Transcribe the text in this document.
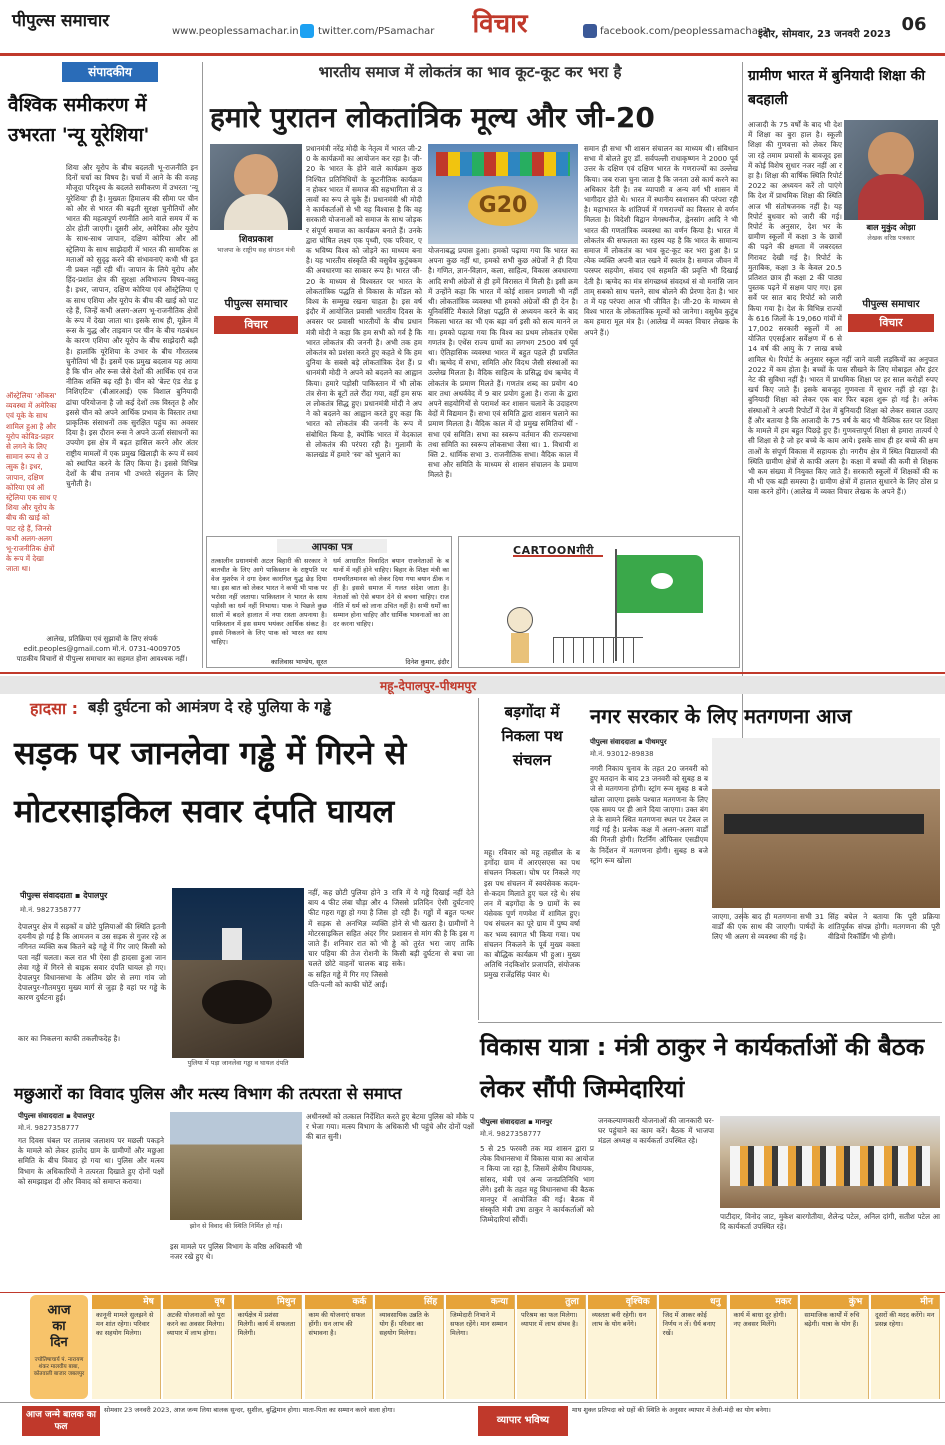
पीपुल्स समाचार
www.peoplessamachar.in twitter.com/PSamachar	विचार	facebook.com/peoplessamachar1
इंदौर, सोमवार, 23 जनवरी 2023 06
संपादकीय
वैश्विक समीकरण में उभरता 'न्यू यूरेशिया'
ऑस्ट्रेलिया 'ऑकस' व्यवस्था में अमेरिका एवं यूके के साथ शामिल हुआ है और यूरोप कोविड-प्रहार से लगने के लिए सामान रूप से उत्सुक है। इधर, जापान, दक्षिण कोरिया एवं ऑस्ट्रेलिया एक साथ एशिया और यूरोप के बीच की खाई को पाट रहे हैं, जिनसे कभी अलग-अलग भू-राजनीतिक क्षेत्रों के रूप में देखा जाता था।
शिया और यूरोप के बीच बदलती भू-राजनीति इन दिनों चर्चा का विषय है। चर्चा में आने के की वजह मौजूदा परिदृश्य के बदलते समीकरण में उभरता 'न्यू यूरेशिया' ही है। मुख्यतः हिमालय की सीमा पर चीन को और से भारत की बढ़ती सुरक्षा चुनौतियों और भारत की महत्वपूर्ण रणनीति आने वाले समय में कठोर होती जाएगी। दूसरी ओर, अमेरिका और यूरोप के साथ-साथ जापान, दक्षिण कोरिया और ऑस्ट्रेलिया के साथ साझेदारी में भारत की सामरिक क्षमताओं को सुदृढ़ करने की संभावनाएं कभी भी इतनी प्रबल नहीं रही थीं। जापान के लिये यूरोप और हिंद-प्रशांत क्षेत्र की सुरक्षा अविभाज्य विषय-वस्तु है। इधर, जापान, दक्षिण कोरिया एवं ऑस्ट्रेलिया एक साथ एशिया और यूरोप के बीच की खाई को पाट रहे हैं, जिन्हें कभी अलग-अलग भू-राजनीतिक क्षेत्रों के रूप में देखा जाता था। इसके साथ ही, यूक्रेन में रूस के युद्ध और ताइवान पर चीन के बीच गठबंधन के कारण एशिया और यूरोप के बीच साझेदारी बढ़ी है। हालांकि यूरेशिया के उभार के बीच गौरतलब चुनौतियां भी हैं। इसमें एक प्रमुख बदलाव यह आया है कि चीन और रूस जैसे देशों की आर्थिक एवं राजनीतिक शक्ति बढ़ रही है। चीन को 'बेल्ट एंड रोड इनिशिएटिव' (बीआरआई) एक विशाल बुनियादी ढांचा परियोजना है जो कई देशों तक विस्तृत है और इससे चीन को अपने आर्थिक प्रभाव के विस्तार तथा प्राकृतिक संसाधनों तक सुरक्षित पहुंच का अवसर दिया है। इस दौरान रूस ने अपने ऊर्जा संसाधनों का उपयोग इस क्षेत्र में बढ़त हासिल करने और अंतरराष्ट्रीय मामलों में एक प्रमुख खिलाड़ी के रूप में स्वयं को स्थापित करने के लिए किया है। इससे विभिन्न देशों के बीच तनाव भी उभरते संतुलन के लिए चुनौती है।
आलेख, प्रतिक्रिया एवं सुझावों के लिए संपर्क
edit.peoples@gmail.com मो.नं. 0731-4009705
पाठकीय विचारों से पीपुल्स समाचार का सहमत होना आवश्यक नहीं।
भारतीय समाज में लोकतंत्र का भाव कूट-कूट कर भरा है
हमारे पुरातन लोकतांत्रिक मूल्य और जी-20
शिवप्रकाश
भाजपा के राष्ट्रीय सह संगठन मंत्री
पीपुल्स समाचार
विचार
प्रधानमंत्री नरेंद्र मोदी के नेतृत्व में भारत जी-20 के कार्यक्रमों का आयोजन कर रहा है। जी-20 के भारत के होने वाले कार्यक्रम कुछ निश्चित प्रतिनिधियों के कूटनीतिक कार्यक्रम न होकर भारत में समाज की सहभागिता से उत्सवों का रूप ले चुके हैं। प्रधानमंत्री श्री मोदी ने कार्यकर्ताओं से भी यह विश्वास है कि वह सरकारी योजनाओं को समाज के साथ जोड़कर संपूर्ण समाज का कार्यक्रम बनाते हैं। उनके द्वारा घोषित लक्ष्य एक पृथ्वी, एक परिवार, एक भविष्य विश्व को जोड़ने का माध्यम बना है। यह भारतीय संस्कृति की वसुधैव कुटुंबकम की अवधारणा का साकार रूप है। भारत जी-20 के माध्यम से विश्वस्तर पर भारत के लोकतांत्रिक पद्धति से विकास के मॉडल को विश्व के सम्मुख रखना चाहता है। इस वर्ष इंदौर में आयोजित प्रवासी भारतीय दिवस के अवसर पर प्रवासी भारतीयों के बीच प्रधानमंत्री मोदी ने कहा कि हम सभी को गर्व है कि भारत लोकतंत्र की जननी है। अभी तक हम लोकतंत्र को प्रशंसा करते हुए कहते थे कि हम दुनिया के सबसे बड़े लोकतांत्रिक देश हैं। प्रधानमंत्री मोदी ने अपने को बदलने का आह्वान किया। हमारे पड़ोसी पाकिस्तान में भी लोकतंत्र सेना के बूटों तले रौंदा गया, वहीं हम सफल लोकतंत्र सिद्ध हुए। प्रधानमंत्री मोदी ने अपने को बदलने का आह्वान करते हुए कहा कि भारत को लोकतंत्र की जननी के रूप में संबोधित किया है, क्योंकि भारत में वेदकाल से लोकतंत्र की परंपरा रही है। गुलामी के कालखंड में हमारे 'स्व' को भुलाने का
G20
योजनाबद्ध प्रयास हुआ। हमको पढ़ाया गया कि भारत का अपना कुछ नहीं था, हमको सभी कुछ अंग्रेजों ने ही दिया है। गणित, ज्ञान-विज्ञान, कला, साहित्य, विकास अवधारणा आदि सभी अंग्रेजों से ही हमें विरासत में मिली है। इसी क्रम में उन्होंने कहा कि भारत में कोई शासन प्रणाली भी नहीं थी। लोकतांत्रिक व्यवस्था भी हमको अंग्रेजों की ही देन है। यूनिवर्सिटि मैकाले शिक्षा पद्धति से अध्ययन करने के बाद निकला भारत का भी एक बड़ा वर्ग इसी को सत्य मानने लगा। हमको पढ़ाया गया कि विश्व का प्रथम लोकतंत्र एथेंस गणतंत्र है। एथेंस राज्य ग्रामों का लगभग 2500 वर्ष पूर्व था। ऐतिहासिक व्यवस्था भारत में बहुत पहले ही प्रचलित थी। ऋग्वेद में सभा, समिति और विदथ जैसी संस्थाओं का उल्लेख मिलता है। वैदिक साहित्य के प्रसिद्ध ग्रंथ ऋग्वेद में लोकतंत्र के प्रमाण मिलते हैं। गणतंत्र शब्द का प्रयोग 40 बार तथा अथर्ववेद में 9 बार प्रयोग हुआ है। राजा के द्वारा अपने सहयोगियों से परामर्श कर शासन चलाने के उदाहरण वेदों में विद्यमान हैं। सभा एवं समिति द्वारा शासन चलाने का प्रमाण मिलता है। वैदिक काल में दो प्रमुख समितियां थीं - सभा एवं समिति। सभा का स्वरूप वर्तमान की राज्यसभा तथा समिति का स्वरूप लोकसभा जैसा था। 1. विधायी शक्ति 2. धार्मिक सभा 3. राजनीतिक सभा। वैदिक काल में सभा और समिति के माध्यम से शासन संचालन के प्रमाण मिलते हैं।
समान ही सभा भी शासन संचालन का माध्यम थी। संविधान सभा में बोलते हुए डॉ. सर्वपल्ली राधाकृष्णन ने 2000 पूर्व उत्तर के दक्षिण एवं दक्षिण भारत के गणराज्यों का उल्लेख किया। जब राजा चुना जाता है कि जनता उसे कार्य करने का अधिकार देती है। तब व्यापारी व अन्य वर्ग भी शासन में भागीदार होते थे। भारत में स्थानीय स्वशासन की परंपरा रही है। महाभारत के शांतिपर्व में गणराज्यों का विस्तार से वर्णन मिलता है। विदेशी विद्वान मेगस्थनीज, ह्वेनसांग आदि ने भी भारत की गणतांत्रिक व्यवस्था का वर्णन किया है। भारत में लोकतंत्र की सफलता का रहस्य यह है कि भारत के सामान्य समाज में लोकतंत्र का भाव कूट-कूट कर भरा हुआ है। प्रत्येक व्यक्ति अपनी बात रखने में स्वतंत्र है। समाज जीवन में परस्पर सहयोग, संवाद एवं सहमति की प्रवृत्ति भी दिखाई देती है। ऋग्वेद का मंत्र संगच्छध्वं संवदध्वं सं वो मनांसि जानताम् सबको साथ चलने, साथ बोलने की प्रेरणा देता है। भारत में यह परंपरा आज भी जीवित है। जी-20 के माध्यम से विश्व भारत के लोकतांत्रिक मूल्यों को जानेगा। वसुधैव कुटुंबकम हमारा मूल मंत्र है। (आलेख में व्यक्त विचार लेखक के अपने हैं।)
ग्रामीण भारत में बुनियादी शिक्षा की बदहाली
बाल मुकुंद ओझा
लेखक वरिष्ठ पत्रकार
पीपुल्स समाचार
विचार
आजादी के 75 वर्षों के बाद भी देश में शिक्षा का बुरा हाल है। स्कूली शिक्षा की गुणवत्ता को लेकर किए जा रहे तमाम प्रयासों के बावजूद इसमें कोई विशेष सुधार नजर नहीं आ रहा है। शिक्षा की वार्षिक स्थिति रिपोर्ट 2022 का अध्ययन करें तो पाएंगे कि देश में प्राथमिक शिक्षा की स्थिति आज भी संतोषजनक नहीं है। यह रिपोर्ट बुधवार को जारी की गई। रिपोर्ट के अनुसार, देश भर के ग्रामीण स्कूलों में कक्षा 3 के छात्रों की पढ़ने की क्षमता में जबरदस्त गिरावट देखी गई है। रिपोर्ट के मुताबिक, कक्षा 3 के केवल 20.5 प्रतिशत छात्र ही कक्षा 2 की पाठ्य पुस्तक पढ़ने में सक्षम पाए गए। इस सर्वे पर सात बाद रिपोर्ट को जारी किया गया है। देश के विभिन्न राज्यों के 616 जिलों के 19,060 गांवों में 17,002 सरकारी स्कूलों में आयोजित एएसईआर सर्वेक्षण में 6 से 14 वर्ष की आयु के 7 लाख बच्चे शामिल थे। रिपोर्ट के अनुसार स्कूल नहीं जाने वाली लड़कियों का अनुपात 2022 में कम होता है। बच्चों के पास सीखने के लिए मोबाइल और इंटरनेट की सुविधा नहीं है। भारत में प्राथमिक शिक्षा पर हर साल करोड़ों रुपए खर्च किए जाते हैं। इसके बावजूद गुणवत्ता में सुधार नहीं हो रहा है। बुनियादी शिक्षा को लेकर एक बार फिर बहस शुरू हो गई है। अनेक संस्थाओं ने अपनी रिपोर्टों में देश में बुनियादी शिक्षा को लेकर सवाल उठाए हैं और बताया है कि आजादी के 75 वर्ष के बाद भी वैश्विक स्तर पर शिक्षा के मामले में हम बहुत पिछड़े हुए हैं। गुणवत्तापूर्ण शिक्षा से हमारा तात्पर्य ऐसी शिक्षा से है जो हर बच्चे के काम आये। इसके साथ ही हर बच्चे की क्षमताओं के संपूर्ण विकास में सहायक हो। नगरीय क्षेत्र में स्थित विद्यालयों की स्थिति ग्रामीण क्षेत्रों से काफी अलग है। कक्षा में बच्चों की कमी से शिक्षक भी कम संख्या में नियुक्त किए जाते हैं। सरकारी स्कूलों में शिक्षकों की कमी भी एक बड़ी समस्या है। ग्रामीण क्षेत्रों में हालात सुधारने के लिए ठोस प्रयास करने होंगे। (आलेख में व्यक्त विचार लेखक के अपने हैं।)
आपका पत्र
तत्कालीन प्रधानमंत्री अटल बिहारी की सरकार ने बातचीत के लिए आगे पाकिस्तान के राष्ट्रपति परवेज मुशर्रफ ने दगा देकर कारगिल युद्ध छेड़ दिया था। इस बात को लेकर भारत ने कभी भी पाक पर भरोसा नहीं जताया। पाकिस्तान ने भारत के साथ पड़ोसी का धर्म नहीं निभाया। पाक ने पिछले कुछ सालों में बदले हालात में नया रास्ता अपनाया है। पाकिस्तान में इस समय भयंकर आर्थिक संकट है। इससे निकलने के लिए पाक को भारत का साथ चाहिए।
कालिवास भाण्डेय, सूरत
धर्म आधारित विवादित बयान राजनेताओं के बयानों में नहीं होने चाहिए। बिहार के शिक्षा मंत्री का रामचरितमानस को लेकर दिया गया बयान ठीक नहीं है। इससे समाज में गलत संदेश जाता है। नेताओं को ऐसे बयान देने से बचना चाहिए। राजनीति में धर्म को लाना उचित नहीं है। सभी धर्मों का सम्मान होना चाहिए और धार्मिक भावनाओं का आदर करना चाहिए।
दिनेश कुमार, इंदौर
CARTOONगीरी
महू-देपालपुर-पीथमपुर
हादसा : बड़ी दुर्घटना को आमंत्रण दे रहे पुलिया के गड्ढे
सड़क पर जानलेवा गड्ढे में गिरने से मोटरसाइकिल सवार दंपति घायल
पीपुल्स संवाददाता ▪ देपालपुर
मो.नं. 9827358777
देपालपुर क्षेत्र में सड़कों व छोटे पुलियाओं की स्थिति इतनी दयनीय हो गई है कि आमजन व उस सड़क से गुजर रहे अनगिनत व्यक्ति कब कितने बड़े गड्ढे में गिर जाएं किसी को पता नहीं चलता। कल रात भी ऐसा ही हादसा हुआ जानलेवा गड्ढे में गिरने से बाइक सवार दंपति घायल हो गए। देपालपुर विधानसभा के अंतिम छोर से लगा गांव जो देपालपुर-गौतमपुरा मुख्य मार्ग से जुड़ा है वहां पर गड्ढे के कारण दुर्घटना हुई।
पुलिया में पड़ा जानलेवा गड्ढा व घायल दंपति
कार का निकलना काफी तकलीफदेह है।
नहीं, कह छोटी पुलिया होने 3 बाय 4 फीट लंबा चौड़ा और 4 फीट गहरा गड्ढा हो गया है जिसमें सड़क से अनभिज्ञ व्यक्ति मोटरसाइकिल सहित अंदर गिर जाते हैं। शनिवार रात को भी चार पहिया की तेज रोशनी के चलते छोटे वाहनों चालक बाइक सहित गड्ढे में गिर गए जिससे पति-पत्नी को काफी चोटें आईं।
रात्रि में ये गड्ढे दिखाई नहीं देते जिससे प्रतिदिन ऐसी दुर्घटनाएं हो रही हैं। गड्ढों में बहुत पत्थर होने से भी खतरा है। ग्रामीणों ने प्रशासन से मांग की है कि इस गड्ढे को तुरंत भरा जाए ताकि किसी बड़ी दुर्घटना से बचा जा सके।
बड़गोंदा में निकला पथ संचलन
महू। रविवार को महू तहसील के बड़गोंदा ग्राम में आरएसएस का पथ संचलन निकला। घोष पर निकले गए इस पथ संचलन में स्वयंसेवक कदम-से-कदम मिलाते हुए चल रहे थे। संचलन में बड़गोंदा के 9 ग्रामों के स्वयंसेवक पूर्ण गणवेश में शामिल हुए। पथ संचलन का पूरे ग्राम में पुष्प वर्षा कर भव्य स्वागत भी किया गया। पथ संचलन निकलने के पूर्व मुख्य वक्ता का बौद्धिक कार्यक्रम भी हुआ। मुख्य अतिथि नंदकिशोर प्रजापति, संयोजक प्रमुख राजेंद्रसिंह पंवार थे।
नगर सरकार के लिए मतगणना आज
पीपुल्स संवाददाता ▪ पीथमपुर
मो.नं. 93012-89838
नगरी निकाय चुनाव के तहत 20 जनवरी को हुए मतदान के बाद 23 जनवरी को सुबह 8 बजे से मतगणना होगी। स्ट्रांग रूम सुबह 8 बजे खोला जाएगा इसके पश्चात मतगणना के लिए एक समय पर ही आने दिया जाएगा। उक्त बंगले के सामने स्थित मतगणना स्थल पर टेबल लगाई गई है। प्रत्येक कक्ष में अलग-अलग वार्डों की गिनती होगी। रिटर्निंग ऑफिसर एसडीएम के निर्देशन में मतगणना होगी। सुबह 8 बजे स्ट्रांग रूम खोला
जाएगा, उसके बाद ही मतगणना सभी 31 वार्डों की एक साथ की जाएगी। पार्षदों के लिए भी अलग से व्यवस्था की गई है।
सिंह बघेल ने बताया कि पूरी प्रक्रिया शांतिपूर्वक संपन्न होगी। मतगणना की पूरी वीडियो रिकॉर्डिंग भी होगी।
विकास यात्रा : मंत्री ठाकुर ने कार्यकर्ताओं की बैठक लेकर सौंपी जिम्मेदारियां
पीपुल्स संवाददाता ▪ मानपुर
मो.नं. 9827358777
5 से 25 फरवरी तक मप्र शासन द्वारा प्रत्येक विधानसभा में विकास यात्रा का आयोजन किया जा रहा है, जिसमें क्षेत्रीय विधायक, सांसद, मंत्री एवं अन्य जनप्रतिनिधि भाग लेंगे। इसी के तहत महू विधानसभा की बैठक मानपुर में आयोजित की गई। बैठक में संस्कृति मंत्री उषा ठाकुर ने कार्यकर्ताओं को जिम्मेदारियां सौंपीं।
जनकल्याणकारी योजनाओं की जानकारी घर-घर पहुंचाने का काम करें। बैठक में भाजपा मंडल अध्यक्ष व कार्यकर्ता उपस्थित रहे।
पाटीदार, विनोद जाट, मुकेश बारगोतीया, शैलेन्द्र पटेल, अनिल दांगी, सतीश पटेल आदि कार्यकर्ता उपस्थित रहे।
मछुआरों का विवाद पुलिस और मत्स्य विभाग की तत्परता से समाप्त
पीपुल्स संवाददाता ▪ देपालपुर
मो.नं. 9827358777
गत दिवस चंबल पर तालाब जलाशय पर मछली पकड़ने के मामले को लेकर हातोद ग्राम के ग्रामीणों और मछुआ समिति के बीच विवाद हो गया था। पुलिस और मत्स्य विभाग के अधिकारियों ने तत्परता दिखाते हुए दोनों पक्षों को समझाइश दी और विवाद को समाप्त कराया।
झोन से विवाद की स्थिति निर्मित हो गई।
इस मामले पर पुलिस विभाग के वरिष्ठ अधिकारी भी नजर रखे हुए थे।
अधीनस्थों को तत्काल निर्देशित करते हुए बेटमा पुलिस को मौके पर भेजा गया। मत्स्य विभाग के अधिकारी भी पहुंचे और दोनों पक्षों की बात सुनी।
आज
का
दिन
ज्योतिषाचार्य पं. नारायण शंकर मालवीय बाबा, कोतवाली बाजार जबलपुर
मेष
कानूनी मामले सुलझने से मन शांत रहेगा। परिवार का सहयोग मिलेगा।
वृष
अटकी योजनाओं को पूरा करने का अवसर मिलेगा। व्यापार में लाभ होगा।
मिथुन
कार्यक्षेत्र में प्रशंसा मिलेगी। कार्य में सफलता मिलेगी।
कर्क
काम की योजनाएं सफल होंगी। धन लाभ की संभावना है।
सिंह
व्यावसायिक उन्नति के योग हैं। परिवार का सहयोग मिलेगा।
कन्या
जिम्मेदारी निभाने में सफल रहेंगे। मान सम्मान मिलेगा।
तुला
परिश्रम का फल मिलेगा। व्यापार में लाभ संभव है।
वृश्चिक
व्यस्तता बनी रहेगी। धन लाभ के योग बनेंगे।
धनु
जिद में आकर कोई निर्णय न लें। धैर्य बनाए रखें।
मकर
कार्य में बाधा दूर होगी। नए अवसर मिलेंगे।
कुंभ
सामाजिक कार्यों में रुचि बढ़ेगी। यात्रा के योग हैं।
मीन
दूसरों की मदद करेंगे। मन प्रसन्न रहेगा।
आज जन्मे बालक का फल
सोमवार 23 जनवरी 2023, आज जन्म लिया बालक सुन्दर, सुशील, बुद्धिमान होगा। माता-पिता का सम्मान करने वाला होगा।
व्यापार भविष्य
माघ शुक्ल प्रतिपदा को ग्रहों की स्थिति के अनुसार व्यापार में तेजी-मंदी का योग बनेगा।
